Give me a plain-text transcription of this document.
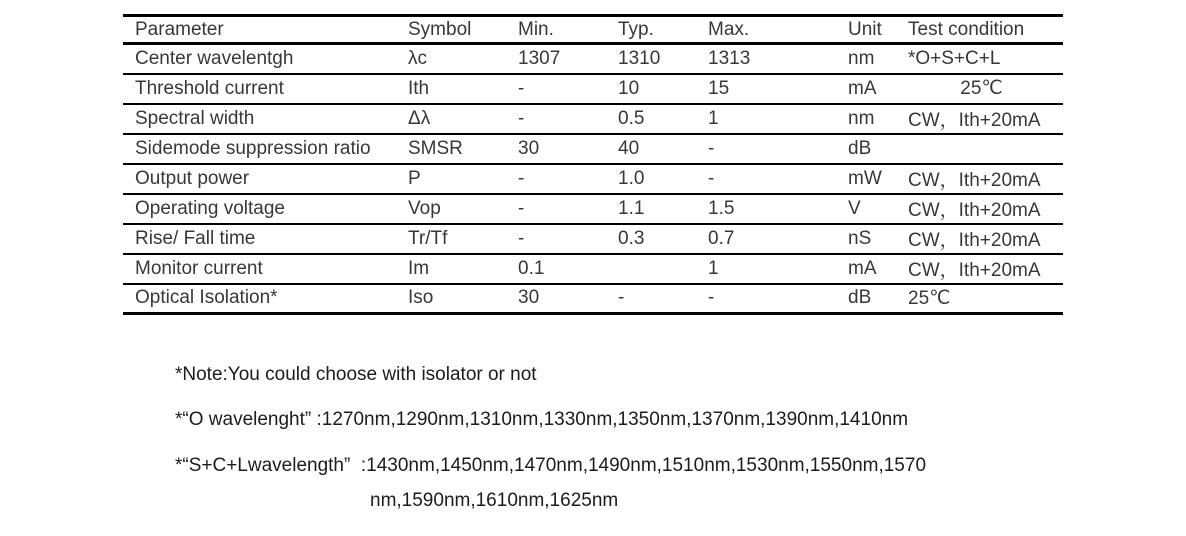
Parameter	Symbol	Min.	Typ.	Max.	Unit	Test condition
Center wavelentgh	λc	1307	1310	1313	nm	*O+S+C+L
Threshold current	Ith	-	10	15	mA	25℃
Spectral width	Δλ	-	0.5	1	nm	CW，Ith+20mA
Sidemode suppression ratio	SMSR	30	40	-	dB	
Output power	P	-	1.0	-	mW	CW，Ith+20mA
Operating voltage	Vop	-	1.1	1.5	V	CW，Ith+20mA
Rise/ Fall time	Tr/Tf	-	0.3	0.7	nS	CW，Ith+20mA
Monitor current	Im	0.1		1	mA	CW，Ith+20mA
Optical Isolation*	Iso	30	-	-	dB	25℃
*Note:You could choose with isolator or not
*“O wavelenght” :1270nm,1290nm,1310nm,1330nm,1350nm,1370nm,1390nm,1410nm
*“S+C+Lwavelength”  :1430nm,1450nm,1470nm,1490nm,1510nm,1530nm,1550nm,1570
nm,1590nm,1610nm,1625nm
